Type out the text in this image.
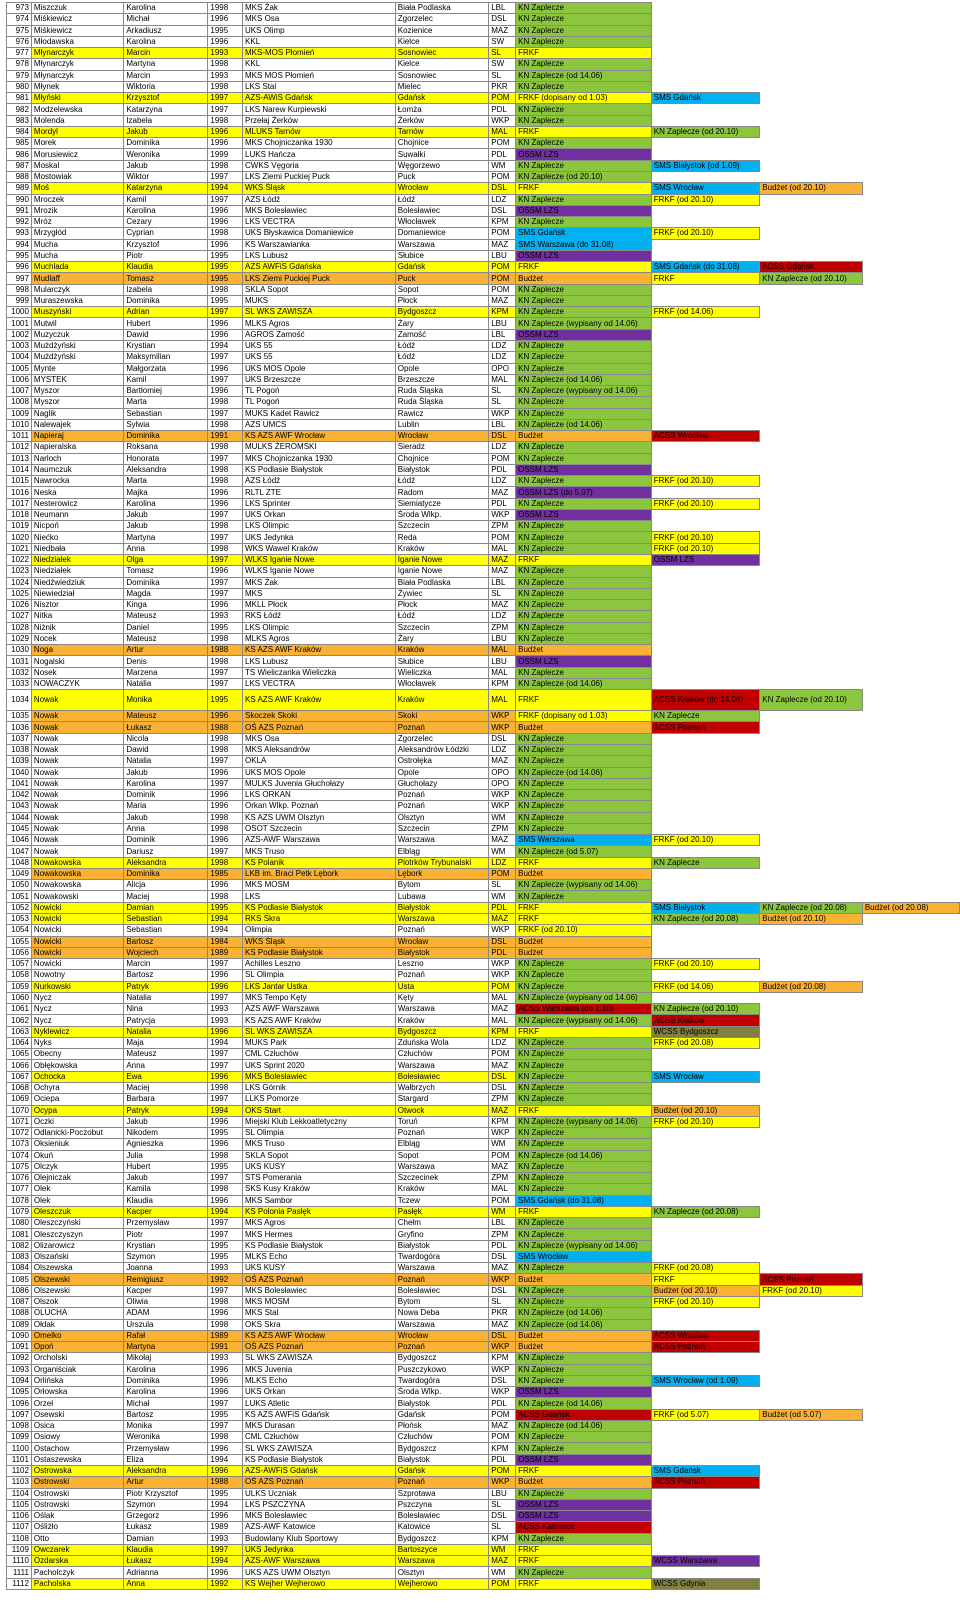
973	Miszczuk	Karolina	1998	MKS Żak	Biała Podlaska	LBL	KN Zaplecze			
974	Miśkiewicz	Michał	1996	MKS Osa	Zgorzelec	DSL	KN Zaplecze			
975	Miśkiewicz	Arkadiusz	1995	UKS Olimp	Kozienice	MAZ	KN Zaplecze			
976	Młodawska	Karolina	1996	KKL	Kielce	SW	KN Zaplecze			
977	Młynarczyk	Marcin	1993	MKS-MOS Płomień	Sosnowiec	SL	FRKF			
978	Młynarczyk	Martyna	1998	KKL	Kielce	SW	KN Zaplecze			
979	Młynarczyk	Marcin	1993	MKS MOS Płomień	Sosnowiec	SL	KN Zaplecze (od 14.06)			
980	Młynek	Wiktoria	1998	LKS Stal	Mielec	PKR	KN Zaplecze			
981	Młyński	Krzysztof	1997	AZS-AWiS Gdańsk	Gdańsk	POM	FRKF (dopisany od 1.03)	SMS Gdańsk		
982	Modzelewska	Katarzyna	1997	LKS Narew Kurpiewski	Łomża	PDL	KN Zaplecze			
983	Molenda	Izabela	1998	Przełaj Żerków	Żerków	WKP	KN Zaplecze			
984	Mordyl	Jakub	1996	MLUKS Tarnów	Tarnów	MAL	FRKF	KN Zaplecze (od 20.10)		
985	Morek	Dominika	1996	MKS Chojniczanka 1930	Chojnice	POM	KN Zaplecze			
986	Morusiewicz	Weronika	1999	LUKS Hańcza	Suwałki	PDL	OSSM LZS			
987	Moskal	Jakub	1998	CWKS Vęgoria	Węgorzewo	WM	KN Zaplecze	SMS Białystok (od 1.09)		
988	Mostowiak	Wiktor	1997	LKS Ziemi Puckiej Puck	Puck	POM	KN Zaplecze (od 20.10)			
989	Moś	Katarzyna	1994	WKS Śląsk	Wrocław	DSL	FRKF	SMS Wrocław	Budżet (od 20.10)	
990	Mroczek	Kamil	1997	AZS Łódź	Łódź	LDZ	KN Zaplecze	FRKF (od 20.10)		
991	Mrozik	Karolina	1996	MKS Bolesławiec	Bolesławiec	DSL	OSSM LZS			
992	Mróz	Cezary	1996	LKS VECTRA	Włocławek	KPM	KN Zaplecze			
993	Mrzygłód	Cyprian	1998	UKS Błyskawica Domaniewice	Domaniewice	POM	SMS Gdańsk	FRKF (od 20.10)		
994	Mucha	Krzysztof	1996	KS Warszawianka	Warszawa	MAZ	SMS Warszawa (do 31.08)			
995	Mucha	Piotr	1995	LKS Lubusz	Słubice	LBU	OSSM LZS			
996	Muchlada	Klaudia	1995	AZS AWFiS Gdańska	Gdańsk	POM	FRKF	SMS Gdańsk (do 31.08)	ACSS Gdańsk	
997	Mudlaff	Tomasz	1995	LKS Ziemi Puckiej Puck	Puck	POM	Budżet	FRKF	KN Zaplecze (od 20.10)	
998	Mularczyk	Izabela	1998	SKLA Sopot	Sopot	POM	KN Zaplecze			
999	Muraszewska	Dominika	1995	MUKS	Płock	MAZ	KN Zaplecze			
1000	Muszyński	Adrian	1997	SL WKS ZAWISZA	Bydgoszcz	KPM	KN Zaplecze	FRKF (od 14.06)		
1001	Mutwil	Hubert	1996	MLKS Agros	Żary	LBU	KN Zaplecze (wypisany od 14.06)			
1002	Muzyczuk	Dawid	1996	AGROS Zamość	Zamość	LBL	OSSM LZS			
1003	Mużdżyński	Krystian	1994	UKS 55	Łódź	LDZ	KN Zaplecze			
1004	Mużdżyński	Maksymilian	1997	UKS 55	Łódź	LDZ	KN Zaplecze			
1005	Mynte	Małgorzata	1996	UKS MOS Opole	Opole	OPO	KN Zaplecze			
1006	MYSTEK	Kamil	1997	UKS Brzeszcze	Brzeszcze	MAL	KN Zaplecze (od 14.06)			
1007	Myszor	Bartłomiej	1996	TL Pogoń	Ruda Śląska	SL	KN Zaplecze (wypisany od 14.06)			
1008	Myszor	Marta	1998	TL Pogoń	Ruda Śląska	SL	KN Zaplecze			
1009	Naglik	Sebastian	1997	MUKS Kadet Rawicz	Rawicz	WKP	KN Zaplecze			
1010	Nalewajek	Sylwia	1998	AZS UMCS	Lublin	LBL	KN Zaplecze (od 14.06)			
1011	Napieraj	Dominika	1991	KS AZS AWF Wrocław	Wrocław	DSL	Budżet	ACSS Wrocław		
1012	Napieralska	Roksana	1998	MULKS ŻEROMSKI	Sieradz	LDZ	KN Zaplecze			
1013	Narloch	Honorata	1997	MKS Chojniczanka 1930	Chojnice	POM	KN Zaplecze			
1014	Naumczuk	Aleksandra	1998	KS Podlasie Białystok	Białystok	PDL	OSSM LZS			
1015	Nawrocka	Marta	1998	AZS Łódź	Łódź	LDZ	KN Zaplecze	FRKF (od 20.10)		
1016	Neska	Majka	1996	RLTL ZTE	Radom	MAZ	OSSM LZS (do 5.07)			
1017	Nesterowicz	Karolina	1996	LKS Sprinter	Siemiatycze	PDL	KN Zaplecze	FRKF (od 20.10)		
1018	Neumann	Jakub	1997	UKS Orkan	Środa Wlkp.	WKP	OSSM LZS			
1019	Nicpoń	Jakub	1998	LKS Olimpic	Szczecin	ZPM	KN Zaplecze			
1020	Niećko	Martyna	1997	UKS Jedynka	Reda	POM	KN Zaplecze	FRKF (od 20.10)		
1021	Niedbała	Anna	1998	WKS Wawel Kraków	Kraków	MAL	KN Zaplecze	FRKF (od 20.10)		
1022	Niedziałek	Olga	1997	WLKS Iganie Nowe	Iganie Nowe	MAZ	FRKF	OSSM LZS		
1023	Niedziałek	Tomasz	1996	WLKS Iganie Nowe	Iganie Nowe	MAZ	KN Zaplecze			
1024	Niedźwiedziuk	Dominika	1997	MKS Żak	Biała Podlaska	LBL	KN Zaplecze			
1025	Niewiedział	Magda	1997	MKS	Żywiec	SL	KN Zaplecze			
1026	Nisztor	Kinga	1996	MKLL Płock	Płock	MAZ	KN Zaplecze			
1027	Nitka	Mateusz	1993	RKS Łódź	Łódź	LDZ	KN Zaplecze			
1028	Niżnik	Daniel	1995	LKS Olimpic	Szczecin	ZPM	KN Zaplecze			
1029	Nocek	Mateusz	1998	MLKS Agros	Żary	LBU	KN Zaplecze			
1030	Noga	Artur	1988	KS AZS AWF Kraków	Kraków	MAL	Budżet			
1031	Nogalski	Denis	1998	LKS Lubusz	Słubice	LBU	OSSM LZS			
1032	Nosek	Marzena	1997	TS Wieliczanka Wieliczka	Wieliczka	MAL	KN Zaplecze			
1033	NOWACZYK	Natalia	1997	LKS VECTRA	Włocławek	KPM	KN Zaplecze (od 14.06)			
1034	Nowak	Monika	1995	KS AZS AWF Kraków	Kraków	MAL	FRKF	ACSS Kraków (do 14.06)	KN Zaplecze (od 20.10)	
1035	Nowak	Mateusz	1996	Skoczek Skoki	Skoki	WKP	FRKF (dopisany od 1.03)	KN Zaplecze		
1036	Nowak	Łukasz	1988	OŚ AZS Poznań	Poznań	WKP	Budżet	ACSS Poznań		
1037	Nowak	Nicola	1998	MKS Osa	Zgorzelec	DSL	KN Zaplecze			
1038	Nowak	Dawid	1998	MKS Aleksandrów	Aleksandrów Łódzki	LDZ	KN Zaplecze			
1039	Nowak	Natalia	1997	OKLA	Ostrołęka	MAZ	KN Zaplecze			
1040	Nowak	Jakub	1996	UKS MOS Opole	Opole	OPO	KN Zaplecze (od 14.06)			
1041	Nowak	Karolina	1997	MULKS Juvenia Głuchołazy	Głuchołazy	OPO	KN Zaplecze			
1042	Nowak	Dominik	1996	LKS ORKAN	Poznań	WKP	KN Zaplecze			
1043	Nowak	Maria	1996	Orkan Wlkp. Poznań	Poznań	WKP	KN Zaplecze			
1044	Nowak	Jakub	1998	KS AZS UWM Olsztyn	Olsztyn	WM	KN Zaplecze			
1045	Nowak	Anna	1998	OSOT Szczecin	Szczecin	ZPM	KN Zaplecze			
1046	Nowak	Dominik	1996	AZS-AWF Warszawa	Warszawa	MAZ	SMS Warszawa	FRKF (od 20.10)		
1047	Nowak	Dariusz	1997	MKS Truso	Elbląg	WM	KN Zaplecze (od 5.07)			
1048	Nowakowska	Aleksandra	1998	KS Polanik	Piotrków Trybunalski	LDZ	FRKF	KN Zaplecze		
1049	Nowakowska	Dominika	1985	LKB im. Braci Petk Lębork	Lębork	POM	Budżet			
1050	Nowakowska	Alicja	1996	MKS MOSM	Bytom	SL	KN Zaplecze (wypisany od 14.06)			
1051	Nowakowski	Maciej	1998	LKS	Lubawa	WM	KN Zaplecze			
1052	Nowicki	Damian	1995	KS Podlasie Białystok	Białystok	PDL	FRKF	SMS Białystok	KN Zaplecze (od 20.08)	Budżet (od 20.08)
1053	Nowicki	Sebastian	1994	RKS Skra	Warszawa	MAZ	FRKF	KN Zaplecze (od 20.08)	Budżet (od 20.10)	
1054	Nowicki	Sebastian	1994	Olimpia	Poznań	WKP	FRKF (od 20.10)			
1055	Nowicki	Bartosz	1984	WKS Śląsk	Wrocław	DSL	Budżet			
1056	Nowicki	Wojciech	1989	KS Podlasie Białystok	Białystok	PDL	Budżet			
1057	Nowicki	Marcin	1997	Achilles Leszno	Leszno	WKP	KN Zaplecze	FRKF (od 20.10)		
1058	Nowotny	Bartosz	1996	SL Olimpia	Poznań	WKP	KN Zaplecze			
1059	Nurkowski	Patryk	1996	LKS Jantar Ustka	Usta	POM	KN Zaplecze	FRKF (od 14.06)	Budżet (od 20.08)	
1060	Nycz	Natalia	1997	MKS Tempo Kęty	Kęty	MAL	KN Zaplecze (wypisany od 14.06)			
1061	Nycz	Nina	1993	AZS AWF Warszawa	Warszawa	MAZ	ACSS Warszawa (do 1.10)	KN Zaplecze (od 20.10)		
1062	Nycz	Patrycja	1993	KS AZS AWF Kraków	Kraków	MAL	KN Zaplecze (wypisany od 14.06)	ACSS Kraków		
1063	Nyklewicz	Natalia	1996	SL WKS ZAWISZA	Bydgoszcz	KPM	FRKF	WCSS Bydgoszcz		
1064	Nyks	Maja	1994	MUKS Park	Zduńska Wola	LDZ	KN Zaplecze	FRKF (od 20.08)		
1065	Obecny	Mateusz	1997	CML Człuchów	Człuchów	POM	KN Zaplecze			
1066	Obłękowska	Anna	1997	UKS Sprint 2020	Warszawa	MAZ	KN Zaplecze			
1067	Ochocka	Ewa	1996	MKS Bolesławiec	Bolesławiec	DSL	KN Zaplecze	SMS Wrocław		
1068	Ochyra	Maciej	1998	LKS Górnik	Wałbrzych	DSL	KN Zaplecze			
1069	Ociepa	Barbara	1997	LLKS Pomorze	Stargard	ZPM	KN Zaplecze			
1070	Ocypa	Patryk	1994	OKS Start	Otwock	MAZ	FRKF	Budżet (od 20.10)		
1071	Oczki	Jakub	1996	Miejski Klub Lekkoatletyczny	Toruń	KPM	KN Zaplecze (wypisany od 14.06)	FRKF (od 20.10)		
1072	Odlanicki-Poczobut	Nikodem	1995	SL Olimpia	Poznań	WKP	KN Zaplecze			
1073	Oksieniuk	Agnieszka	1996	MKS Truso	Elbląg	WM	KN Zaplecze			
1074	Okuń	Julia	1998	SKLA Sopot	Sopot	POM	KN Zaplecze (od 14.06)			
1075	Olczyk	Hubert	1995	UKS KUSY	Warszawa	MAZ	KN Zaplecze			
1076	Olejniczak	Jakub	1997	STS Pomerania	Szczecinek	ZPM	KN Zaplecze			
1077	Olek	Kamila	1998	SKS Kusy Kraków	Kraków	MAL	KN Zaplecze			
1078	Olek	Klaudia	1996	MKS Sambor	Tczew	POM	SMS Gdańsk (do 31.08)			
1079	Oleszczuk	Kacper	1994	KS Polonia Pasłęk	Pasłęk	WM	FRKF	KN Zaplecze (od 20.08)		
1080	Oleszczyński	Przemysław	1997	MKS Agros	Chełm	LBL	KN Zaplecze			
1081	Oleszczyszyn	Piotr	1997	MKS Hermes	Gryfino	ZPM	KN Zaplecze			
1082	Olizarowicz	Krystian	1995	KS Podlasie Białystok	Białystok	PDL	KN Zaplecze (wypisany od 14.06)			
1083	Olszański	Szymon	1995	MLKS Echo	Twardogóra	DSL	SMS Wrocław			
1084	Olszewska	Joanna	1993	UKS KUSY	Warszawa	MAZ	KN Zaplecze	FRKF (od 20.08)		
1085	Olszewski	Remigiusz	1992	OŚ AZS Poznań	Poznań	WKP	Budżet	FRKF	ACSS Poznań	
1086	Olszewski	Kacper	1997	MKS Bolesławiec	Bolesławiec	DSL	KN Zaplecze	Budżet (od 20.10)	FRKF (od 20.10)	
1087	Olszok	Oliwia	1998	MKS MOSM	Bytom	SL	KN Zaplecze	FRKF (od 20.10)		
1088	OLUCHA	ADAM	1996	MKS Stal	Nowa Deba	PKR	KN Zaplecze (od 14.06)			
1089	Ołdak	Urszula	1998	OKS Skra	Warszawa	MAZ	KN Zaplecze (od 14.06)			
1090	Omelko	Rafał	1989	KS AZS AWF Wrocław	Wrocław	DSL	Budżet	ACSS Wrocław		
1091	Opoń	Martyna	1991	OŚ AZS Poznań	Poznań	WKP	Budżet	ACSS Poznań		
1092	Orcholski	Mikołaj	1993	SL WKS ZAWISZA	Bydgoszcz	KPM	KN Zaplecze			
1093	Organiściak	Karolina	1996	MKS Juvenia	Puszczykowo	WKP	KN Zaplecze			
1094	Orlińska	Dominika	1996	MLKS Echo	Twardogóra	DSL	KN Zaplecze	SMS Wrocław (od 1.09)		
1095	Orłowska	Karolina	1996	UKS Orkan	Środa Wlkp.	WKP	OSSM LZS			
1096	Orzeł	Michał	1997	LUKS Atletic	Białystok	PDL	KN Zaplecze (od 14.06)			
1097	Osewski	Bartosz	1995	KS AZS AWFiS Gdańsk	Gdańsk	POM	ACSS Gdańsk	FRKF (od 5.07)	Budżet (od 5.07)	
1098	Osica	Monika	1997	MKS Durasan	Płońsk	MAZ	KN Zaplecze (od 14.06)			
1099	Osiowy	Weronika	1998	CML Człuchów	Człuchów	POM	KN Zaplecze			
1100	Ostachow	Przemysław	1996	SL WKS ZAWISZA	Bydgoszcz	KPM	KN Zaplecze			
1101	Ostaszewska	Eliza	1994	KS Podlasie Białystok	Białystok	PDL	OSSM LZS			
1102	Ostrowska	Aleksandra	1996	AZS-AWFiS Gdańsk	Gdańsk	POM	FRKF	SMS Gdańsk		
1103	Ostrowski	Artur	1988	OŚ AZS Poznań	Poznań	WKP	Budżet	ACSS Poznań		
1104	Ostrowski	Piotr Krzysztof	1995	ULKS Uczniak	Szprotawa	LBU	KN Zaplecze			
1105	Ostrowski	Szymon	1994	LKS PSZCZYNA	Pszczyna	SL	OSSM LZS			
1106	Oślak	Grzegorz	1996	MKS Bolesławiec	Bolesławiec	DSL	OSSM LZS			
1107	Ośliżło	Łukasz	1989	AZS-AWF Katowice	Katowice	SL	ACSS Katowice			
1108	Otto	Damian	1993	Budowlany Klub Sportowy	Bydgoszcz	KPM	KN Zaplecze			
1109	Owczarek	Klaudia	1997	UKS Jedynka	Bartoszyce	WM	FRKF			
1110	Ozdarska	Łukasz	1994	AZS-AWF Warszawa	Warszawa	MAZ	FRKF	WCSS Warszawa		
1111	Pacholczyk	Adrianna	1996	UKS AZS UWM Olsztyn	Olsztyn	WM	KN Zaplecze			
1112	Pacholska	Anna	1992	KS Wejher Wejherowo	Wejherowo	POM	FRKF	WCSS Gdynia		
